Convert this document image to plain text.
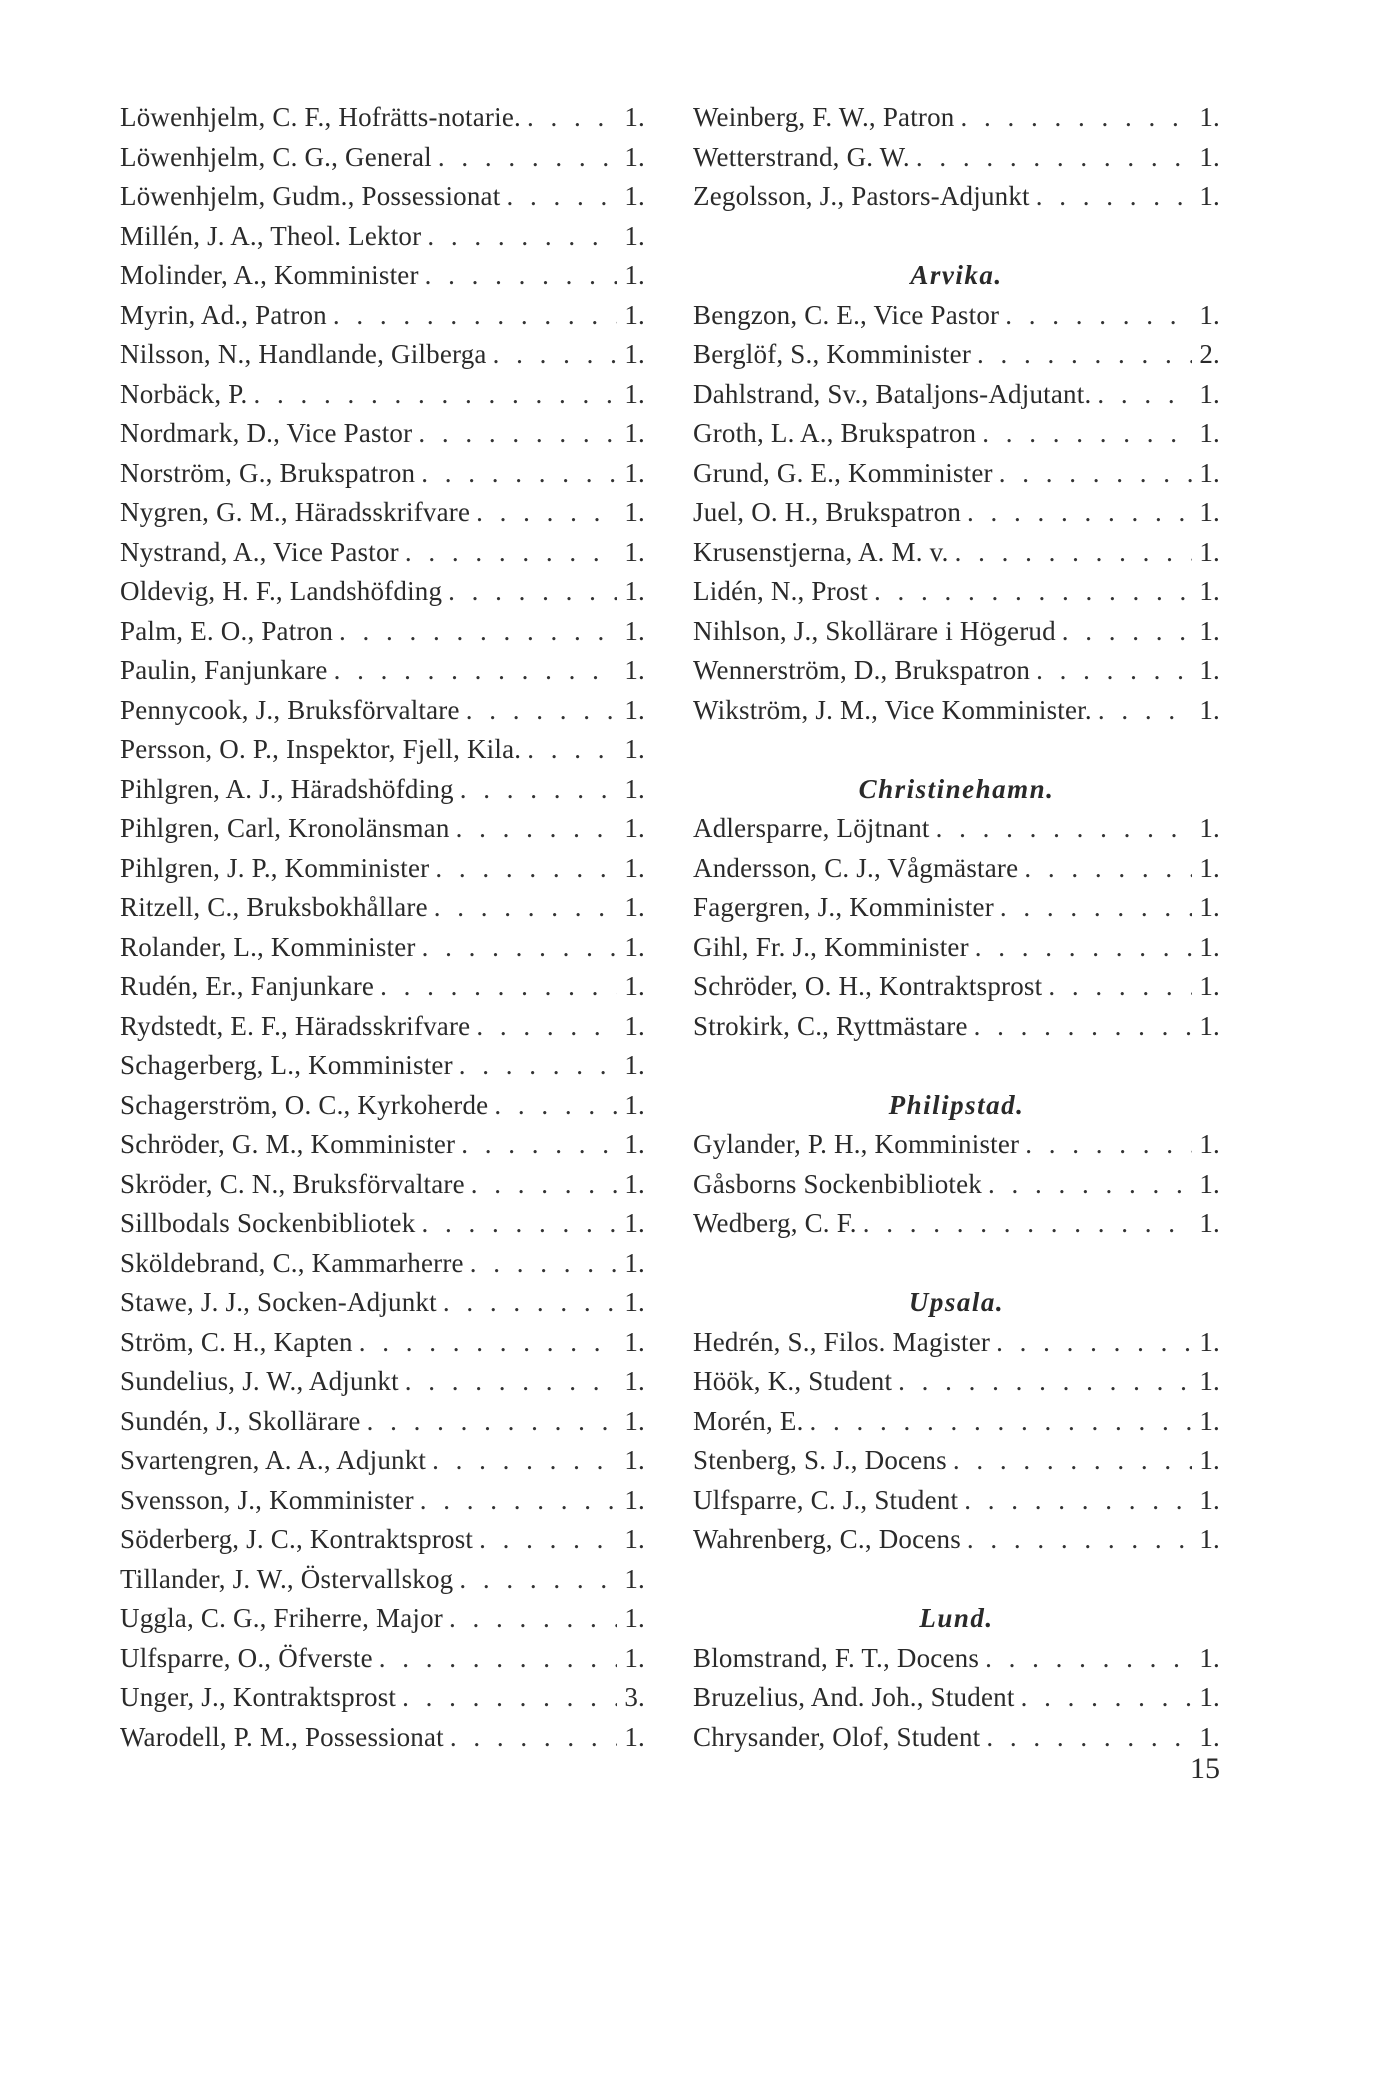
Löwenhjelm, C. F., Hofrätts-notarie. . . .	1.
Löwenhjelm, C. G., General . . .	1.
Löwenhjelm, Gudm., Possessionat . . .	1.
Millén, J. A., Theol. Lektor . . .	1.
Molinder, A., Komminister . . .	1.
Myrin, Ad., Patron . . .	1.
Nilsson, N., Handlande, Gilberga . . .	1.
Norbäck, P. . . .	1.
Nordmark, D., Vice Pastor . . .	1.
Norström, G., Brukspatron . . .	1.
Nygren, G. M., Häradsskrifvare . . .	1.
Nystrand, A., Vice Pastor . . .	1.
Oldevig, H. F., Landshöfding . . .	1.
Palm, E. O., Patron . . .	1.
Paulin, Fanjunkare . . .	1.
Pennycook, J., Bruksförvaltare . . .	1.
Persson, O. P., Inspektor, Fjell, Kila. . . .	1.
Pihlgren, A. J., Häradshöfding . . .	1.
Pihlgren, Carl, Kronolänsman . . .	1.
Pihlgren, J. P., Komminister . . .	1.
Ritzell, C., Bruksbokhållare . . .	1.
Rolander, L., Komminister . . .	1.
Rudén, Er., Fanjunkare . . .	1.
Rydstedt, E. F., Häradsskrifvare . . .	1.
Schagerberg, L., Komminister . . .	1.
Schagerström, O. C., Kyrkoherde . . .	1.
Schröder, G. M., Komminister . . .	1.
Skröder, C. N., Bruksförvaltare . . .	1.
Sillbodals Sockenbibliotek . . .	1.
Sköldebrand, C., Kammarherre . . .	1.
Stawe, J. J., Socken-Adjunkt . . .	1.
Ström, C. H., Kapten . . .	1.
Sundelius, J. W., Adjunkt . . .	1.
Sundén, J., Skollärare . . .	1.
Svartengren, A. A., Adjunkt . . .	1.
Svensson, J., Komminister . . .	1.
Söderberg, J. C., Kontraktsprost . . .	1.
Tillander, J. W., Östervallskog . . .	1.
Uggla, C. G., Friherre, Major . . .	1.
Ulfsparre, O., Öfverste . . .	1.
Unger, J., Kontraktsprost . . .	3.
Warodell, P. M., Possessionat . . .	1.
Weinberg, F. W., Patron . . .	1.
Wetterstrand, G. W. . . .	1.
Zegolsson, J., Pastors-Adjunkt . . .	1.
Arvika.
Bengzon, C. E., Vice Pastor . . .	1.
Berglöf, S., Komminister . . .	2.
Dahlstrand, Sv., Bataljons-Adjutant. . . .	1.
Groth, L. A., Brukspatron . . .	1.
Grund, G. E., Komminister . . .	1.
Juel, O. H., Brukspatron . . .	1.
Krusenstjerna, A. M. v. . . .	1.
Lidén, N., Prost . . .	1.
Nihlson, J., Skollärare i Högerud . . .	1.
Wennerström, D., Brukspatron . . .	1.
Wikström, J. M., Vice Komminister. . . .	1.
Christinehamn.
Adlersparre, Löjtnant . . .	1.
Andersson, C. J., Vågmästare . . .	1.
Fagergren, J., Komminister . . .	1.
Gihl, Fr. J., Komminister . . .	1.
Schröder, O. H., Kontraktsprost . . .	1.
Strokirk, C., Ryttmästare . . .	1.
Philipstad.
Gylander, P. H., Komminister . . .	1.
Gåsborns Sockenbibliotek . . .	1.
Wedberg, C. F. . . .	1.
Upsala.
Hedrén, S., Filos. Magister . . .	1.
Höök, K., Student . . .	1.
Morén, E. . . .	1.
Stenberg, S. J., Docens . . .	1.
Ulfsparre, C. J., Student . . .	1.
Wahrenberg, C., Docens . . .	1.
Lund.
Blomstrand, F. T., Docens . . .	1.
Bruzelius, And. Joh., Student . . .	1.
Chrysander, Olof, Student . . .	1.
15
